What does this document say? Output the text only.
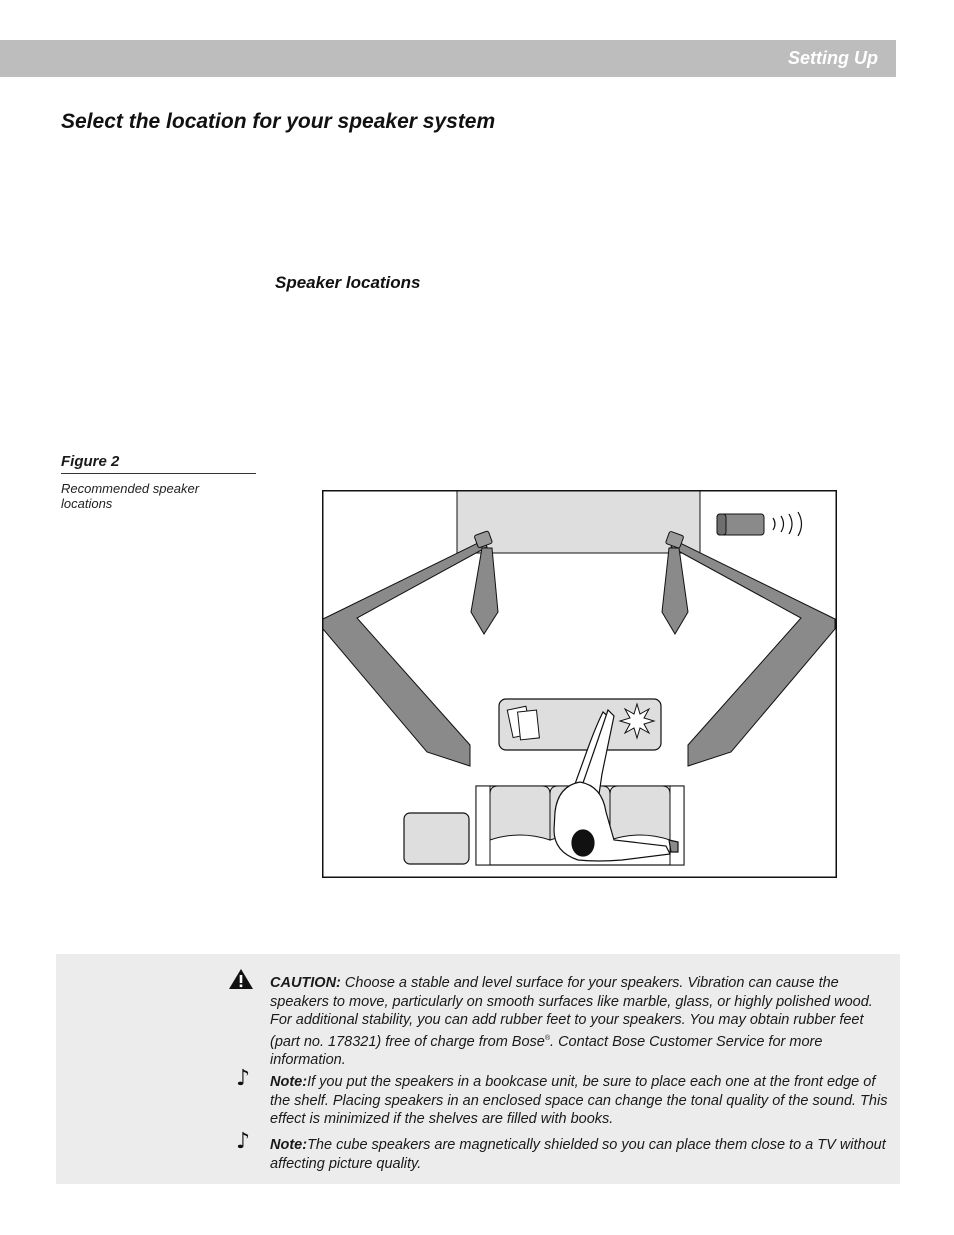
Setting Up
Select the location for your speaker system
Speaker locations
Figure 2
Recommended speaker locations
CAUTION: Choose a stable and level surface for your speakers. Vibration can cause the speakers to move, particularly on smooth surfaces like marble, glass, or highly polished wood. For additional stability, you can add rubber feet to your speakers. You may obtain rubber feet (part no. 178321) free of charge from Bose®. Contact Bose Customer Service for more information.
♪ Note:If you put the speakers in a bookcase unit, be sure to place each one at the front edge of the shelf. Placing speakers in an enclosed space can change the tonal quality of the sound. This effect is minimized if the shelves are filled with books.
♪ Note:The cube speakers are magnetically shielded so you can place them close to a TV without affecting picture quality.
